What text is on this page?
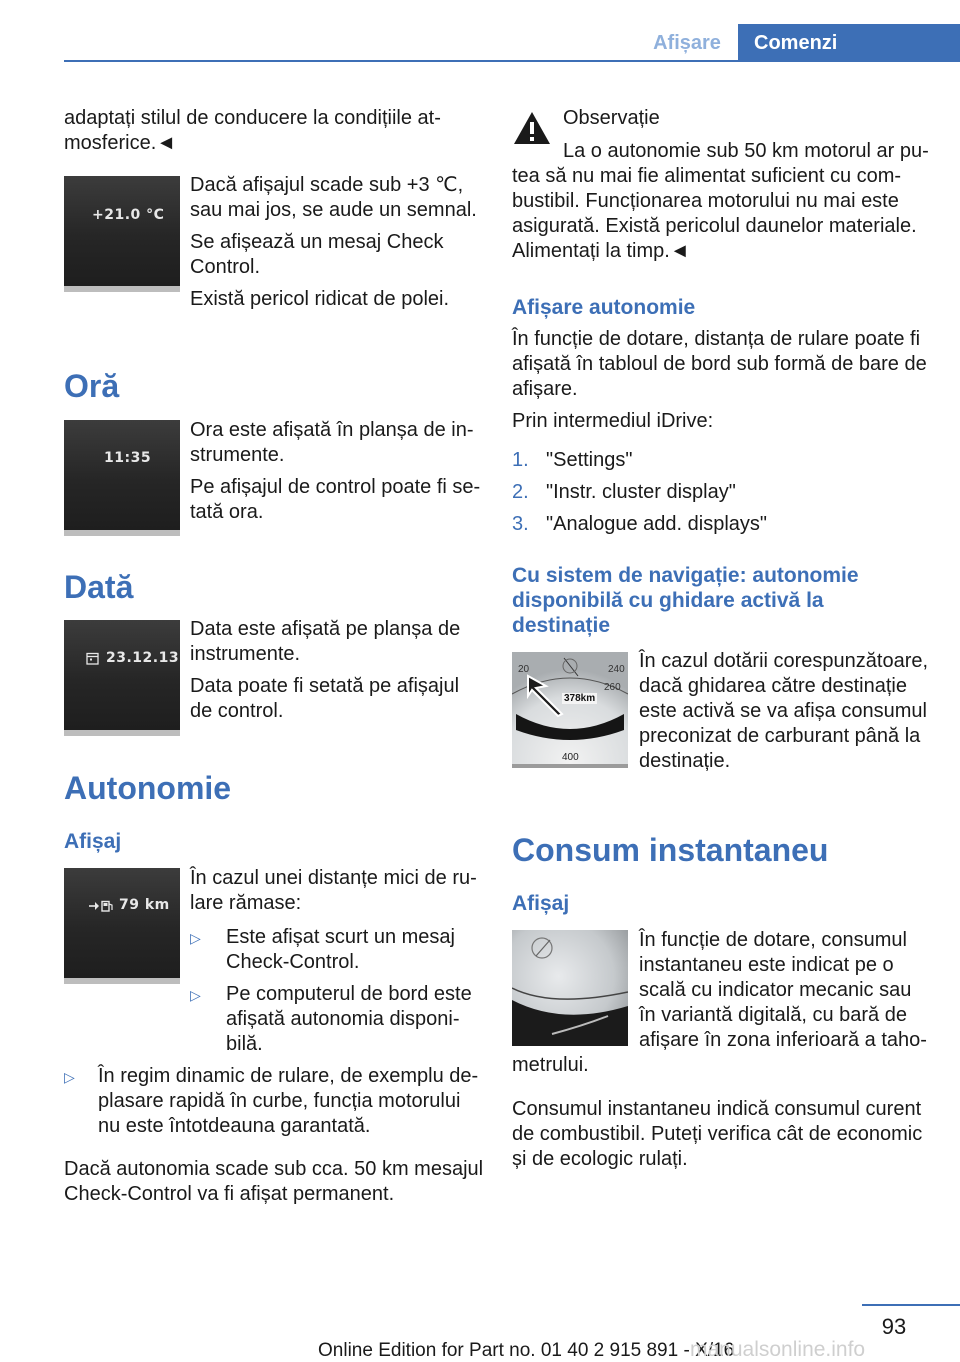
Afișare	Comenzi
adaptați stilul de conducere la condițiile at‐
mosferice.◄
+21.0 °C
Dacă afișajul scade sub +3 ℃,
sau mai jos, se aude un semnal.
Se afișează un mesaj Check
Control.
Există pericol ridicat de polei.
Oră
11:35
Ora este afișată în planșa de in‐
strumente.
Pe afișajul de control poate fi se‐
tată ora.
Dată
23.12.13
Data este afișată pe planșa de
instrumente.
Data poate fi setată pe afișajul
de control.
Autonomie
Afișaj
79 km
În cazul unei distanțe mici de ru‐
lare rămase:
▷ Este afișat scurt un mesaj
Check-Control.
▷ Pe computerul de bord este
afișată autonomia disponi‐
bilă.
▷ În regim dinamic de rulare, de exemplu de‐
plasare rapidă în curbe, funcția motorului
nu este întotdeauna garantată.
Dacă autonomia scade sub cca. 50 km mesajul
Check-Control va fi afișat permanent.
Observație
La o autonomie sub 50 km motorul ar pu‐
tea să nu mai fie alimentat suficient cu com‐
bustibil. Funcționarea motorului nu mai este
asigurată. Există pericolul daunelor materiale.
Alimentați la timp.◄
Afișare autonomie
În funcție de dotare, distanța de rulare poate fi
afișată în tabloul de bord sub formă de bare de
afișare.
Prin intermediul iDrive:
1. "Settings"
2. "Instr. cluster display"
3. "Analogue add. displays"
Cu sistem de navigație: autonomie
disponibilă cu ghidare activă la
destinație
20	240
260
378km
400
În cazul dotării corespunzătoare,
dacă ghidarea către destinație
este activă se va afișa consumul
preconizat de carburant până la
destinație.
Consum instantaneu
Afișaj
În funcție de dotare, consumul
instantaneu este indicat pe o
scală cu indicator mecanic sau
în variantă digitală, cu bară de
afișare în zona inferioară a taho‐
metrului.
Consumul instantaneu indică consumul curent
de combustibil. Puteți verifica cât de economic
și de ecologic rulați.
93
Online Edition for Part no. 01 40 2 915 891 - X/16
manualsonline.info
